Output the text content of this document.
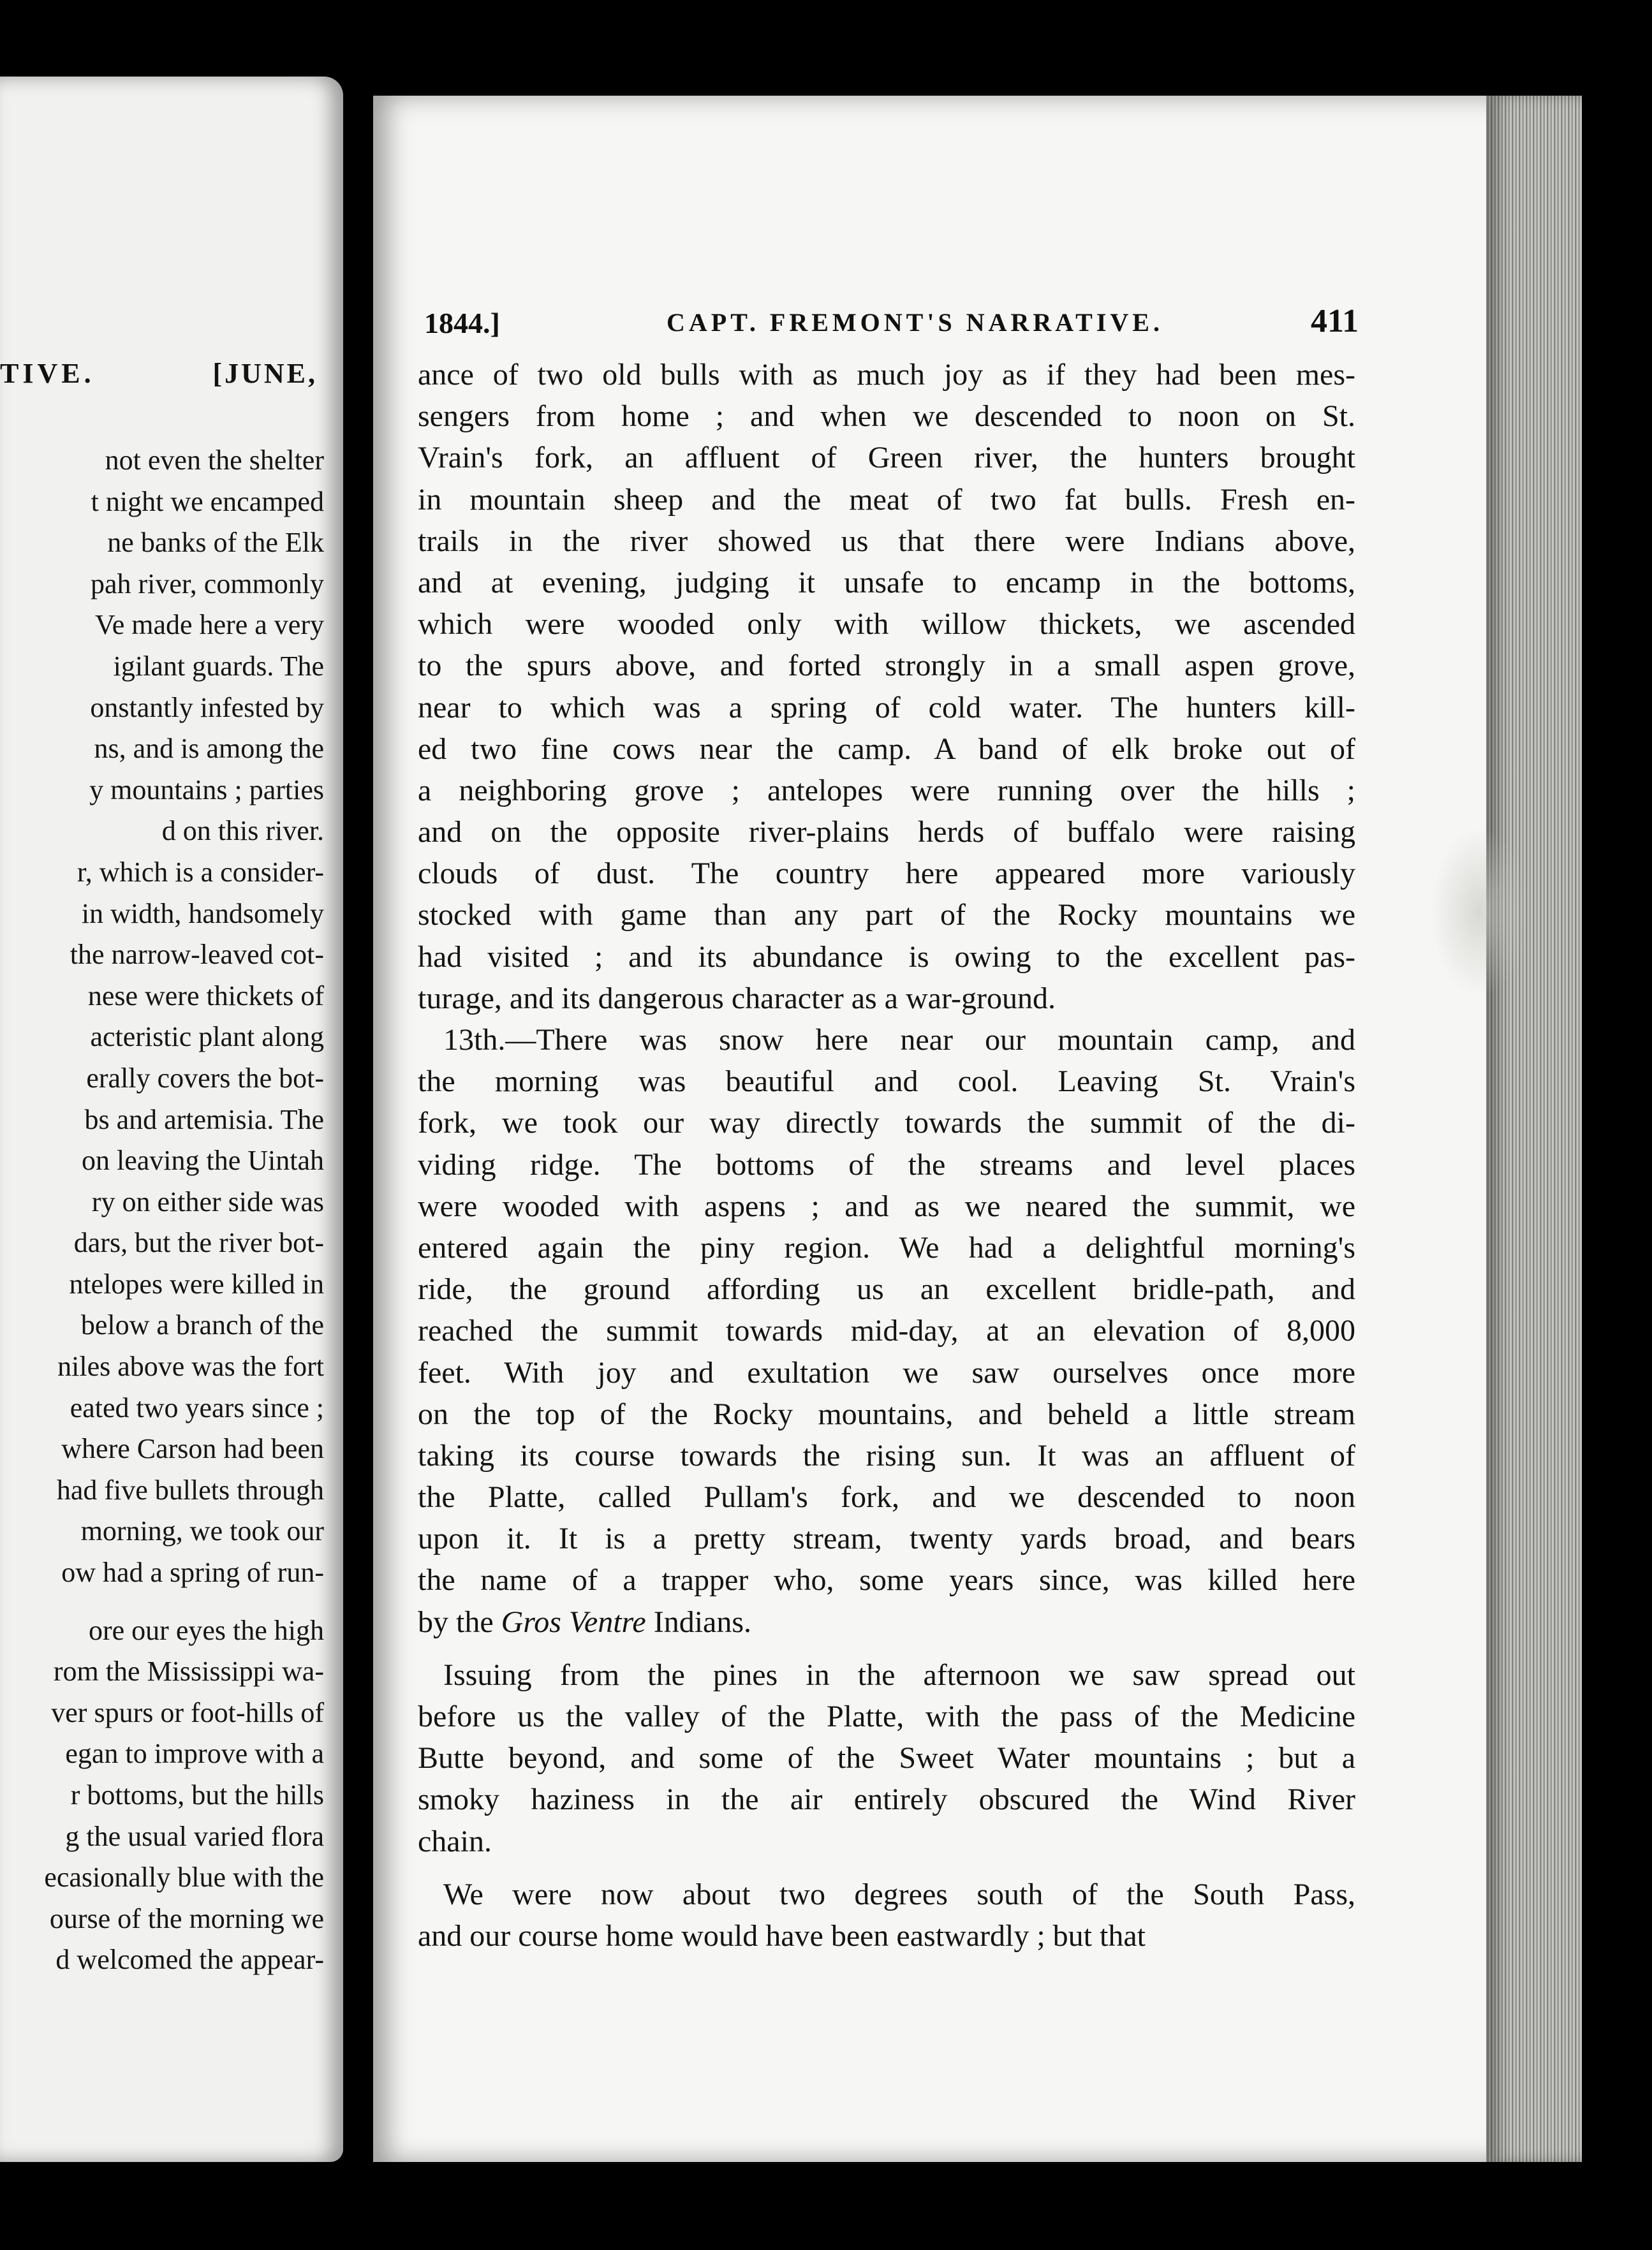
TIVE.	[JUNE,
not even the shelter
t night we encamped
ne banks of the Elk
pah river, commonly
Ve made here a very
igilant guards. The
onstantly infested by
ns, and is among the
y mountains ; parties
d on this river.
r, which is a consider-
in width, handsomely
the narrow-leaved cot-
nese were thickets of
acteristic plant along
erally covers the bot-
bs and artemisia. The
on leaving the Uintah
ry on either side was
dars, but the river bot-
ntelopes were killed in
below a branch of the
niles above was the fort
eated two years since ;
where Carson had been
had five bullets through
morning, we took our
ow had a spring of run-
ore our eyes the high
rom the Mississippi wa-
ver spurs or foot-hills of
egan to improve with a
r bottoms, but the hills
g the usual varied flora
ecasionally blue with the
ourse of the morning we
d welcomed the appear-
1844.]	CAPT. FREMONT'S NARRATIVE.	411
ance of two old bulls with as much joy as if they had been mes-
sengers from home ; and when we descended to noon on St.
Vrain's fork, an affluent of Green river, the hunters brought
in mountain sheep and the meat of two fat bulls. Fresh en-
trails in the river showed us that there were Indians above,
and at evening, judging it unsafe to encamp in the bottoms,
which were wooded only with willow thickets, we ascended
to the spurs above, and forted strongly in a small aspen grove,
near to which was a spring of cold water. The hunters kill-
ed two fine cows near the camp. A band of elk broke out of
a neighboring grove ; antelopes were running over the hills ;
and on the opposite river-plains herds of buffalo were raising
clouds of dust. The country here appeared more variously
stocked with game than any part of the Rocky mountains we
had visited ; and its abundance is owing to the excellent pas-
turage, and its dangerous character as a war-ground.
13th.—There was snow here near our mountain camp, and
the morning was beautiful and cool. Leaving St. Vrain's
fork, we took our way directly towards the summit of the di-
viding ridge. The bottoms of the streams and level places
were wooded with aspens ; and as we neared the summit, we
entered again the piny region. We had a delightful morning's
ride, the ground affording us an excellent bridle-path, and
reached the summit towards mid-day, at an elevation of 8,000
feet. With joy and exultation we saw ourselves once more
on the top of the Rocky mountains, and beheld a little stream
taking its course towards the rising sun. It was an affluent of
the Platte, called Pullam's fork, and we descended to noon
upon it. It is a pretty stream, twenty yards broad, and bears
the name of a trapper who, some years since, was killed here
by the Gros Ventre Indians.
Issuing from the pines in the afternoon we saw spread out
before us the valley of the Platte, with the pass of the Medicine
Butte beyond, and some of the Sweet Water mountains ; but a
smoky haziness in the air entirely obscured the Wind River
chain.
We were now about two degrees south of the South Pass,
and our course home would have been eastwardly ; but that
